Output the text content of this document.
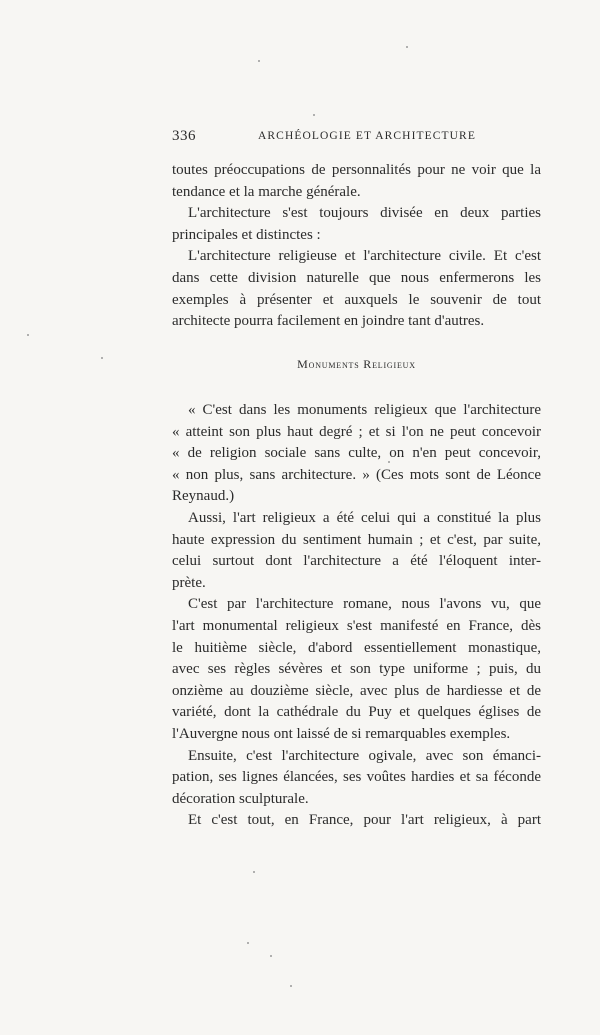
336	ARCHÉOLOGIE ET ARCHITECTURE

toutes préoccupations de personnalités pour ne voir que la

tendance et la marche générale.

L'architecture s'est toujours divisée en deux parties

principales et distinctes :

L'architecture religieuse et l'architecture civile. Et c'est

dans cette division naturelle que nous enfermerons les

exemples à présenter et auxquels le souvenir de tout

architecte pourra facilement en joindre tant d'autres.

Monuments Religieux

« C'est dans les monuments religieux que l'architecture

« atteint son plus haut degré ; et si l'on ne peut concevoir

« de religion sociale sans culte, on n'en peut concevoir,

« non plus, sans architecture. » (Ces mots sont de Léonce

Reynaud.)

Aussi, l'art religieux a été celui qui a constitué la plus

haute expression du sentiment humain ; et c'est, par suite,

celui surtout dont l'architecture a été l'éloquent inter-

prète.

C'est par l'architecture romane, nous l'avons vu, que

l'art monumental religieux s'est manifesté en France, dès

le huitième siècle, d'abord essentiellement monastique,

avec ses règles sévères et son type uniforme ; puis, du

onzième au douzième siècle, avec plus de hardiesse et de

variété, dont la cathédrale du Puy et quelques églises de

l'Auvergne nous ont laissé de si remarquables exemples.

Ensuite, c'est l'architecture ogivale, avec son émanci-

pation, ses lignes élancées, ses voûtes hardies et sa féconde

décoration sculpturale.

Et c'est tout, en France, pour l'art religieux, à part
